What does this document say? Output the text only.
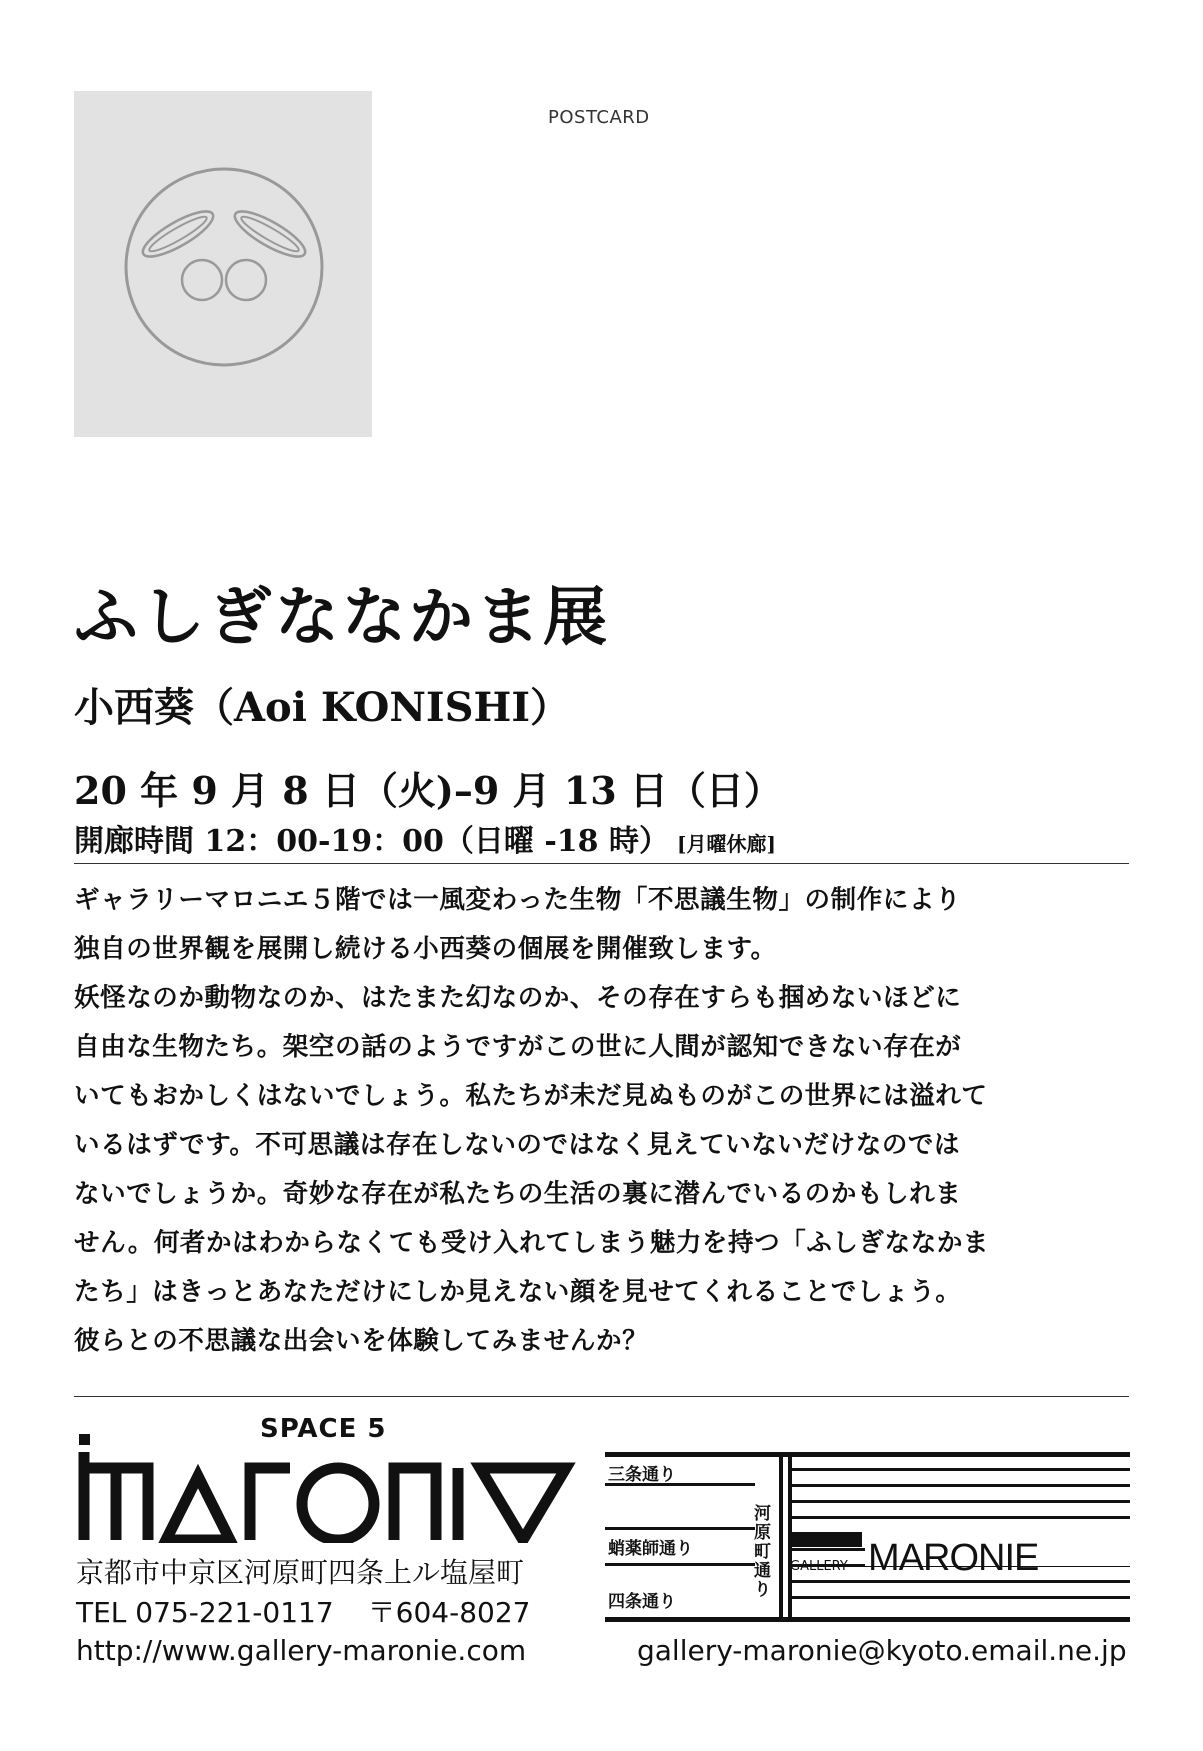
POSTCARD
ふしぎななかま展
小西葵（Aoi KONISHI）
20 年 9 月 8 日（火)–9 月 13 日（日）
開廊時間 12：00-19：00（日曜 -18 時） [月曜休廊]
ギャラリーマロニエ５階では一風変わった生物「不思議生物」の制作により
独自の世界観を展開し続ける小西葵の個展を開催致します。
妖怪なのか動物なのか、はたまた幻なのか、その存在すらも掴めないほどに
自由な生物たち。架空の話のようですがこの世に人間が認知できない存在が
いてもおかしくはないでしょう。私たちが未だ見ぬものがこの世界には溢れて
いるはずです。不可思議は存在しないのではなく見えていないだけなのでは
ないでしょうか。奇妙な存在が私たちの生活の裏に潜んでいるのかもしれま
せん。何者かはわからなくても受け入れてしまう魅力を持つ「ふしぎななかま
たち」はきっとあなただけにしか見えない顔を見せてくれることでしょう。
彼らとの不思議な出会いを体験してみませんか？
SPACE 5
京都市中京区河原町四条上ル塩屋町
TEL 075-221-0117 〒604-8027
http://www.gallery-maronie.com	gallery-maronie@kyoto.email.ne.jp
三条通り
蛸薬師通り
四条通り
河原町通り
GALLERY MARONIE
